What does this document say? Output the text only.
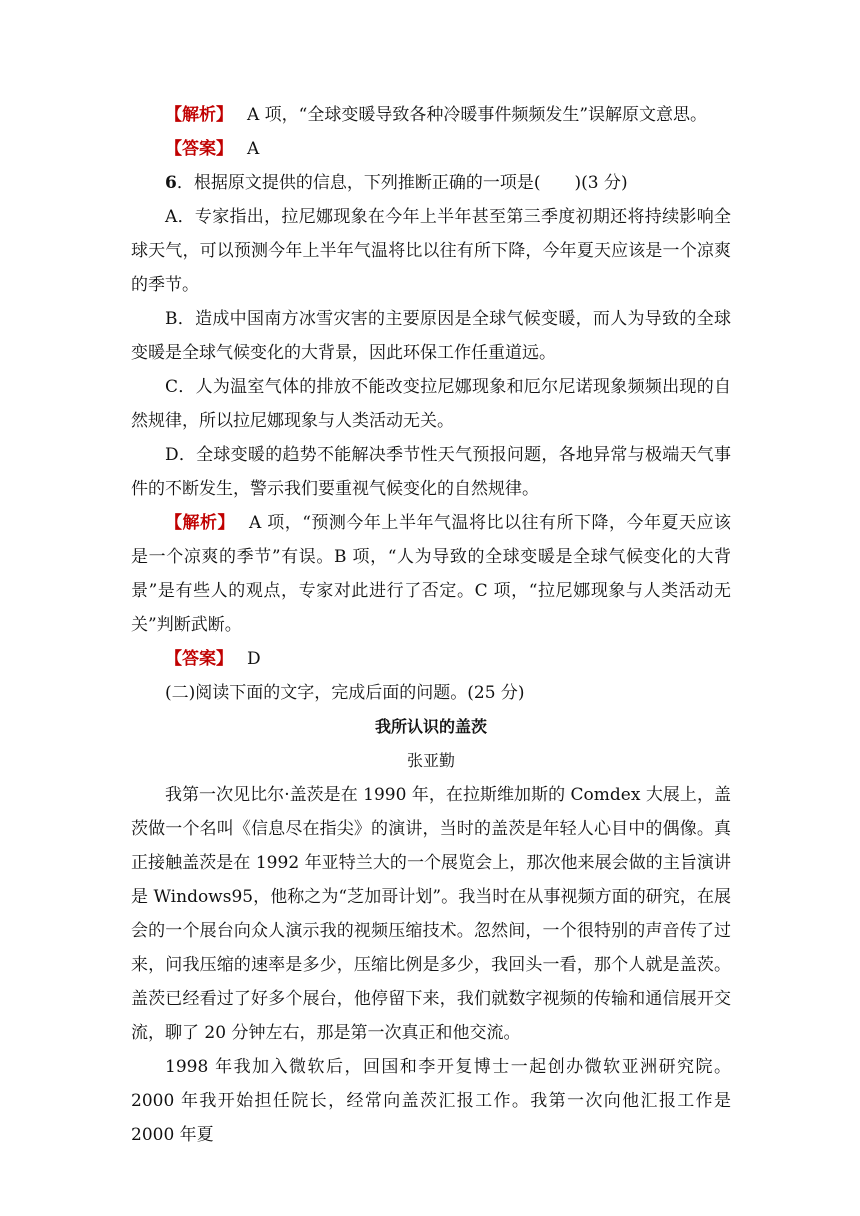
【解析】 A 项，“全球变暖导致各种冷暖事件频频发生”误解原文意思。
【答案】 A
6．根据原文提供的信息，下列推断正确的一项是(　　)(3 分)
A．专家指出，拉尼娜现象在今年上半年甚至第三季度初期还将持续影响全球天气，可以预测今年上半年气温将比以往有所下降，今年夏天应该是一个凉爽的季节。
B．造成中国南方冰雪灾害的主要原因是全球气候变暖，而人为导致的全球变暖是全球气候变化的大背景，因此环保工作任重道远。
C．人为温室气体的排放不能改变拉尼娜现象和厄尔尼诺现象频频出现的自然规律，所以拉尼娜现象与人类活动无关。
D．全球变暖的趋势不能解决季节性天气预报问题，各地异常与极端天气事件的不断发生，警示我们要重视气候变化的自然规律。
【解析】 A 项，“预测今年上半年气温将比以往有所下降，今年夏天应该是一个凉爽的季节”有误。B 项，“人为导致的全球变暖是全球气候变化的大背景”是有些人的观点，专家对此进行了否定。C 项，“拉尼娜现象与人类活动无关”判断武断。
【答案】 D
(二)阅读下面的文字，完成后面的问题。(25 分)
我所认识的盖茨
张亚勤
我第一次见比尔·盖茨是在 1990 年，在拉斯维加斯的 Comdex 大展上，盖茨做一个名叫《信息尽在指尖》的演讲，当时的盖茨是年轻人心目中的偶像。真正接触盖茨是在 1992 年亚特兰大的一个展览会上，那次他来展会做的主旨演讲是 Windows95，他称之为“芝加哥计划”。我当时在从事视频方面的研究，在展会的一个展台向众人演示我的视频压缩技术。忽然间，一个很特别的声音传了过来，问我压缩的速率是多少，压缩比例是多少，我回头一看，那个人就是盖茨。盖茨已经看过了好多个展台，他停留下来，我们就数字视频的传输和通信展开交流，聊了 20 分钟左右，那是第一次真正和他交流。
1998 年我加入微软后，回国和李开复博士一起创办微软亚洲研究院。2000 年我开始担任院长，经常向盖茨汇报工作。我第一次向他汇报工作是 2000 年夏
